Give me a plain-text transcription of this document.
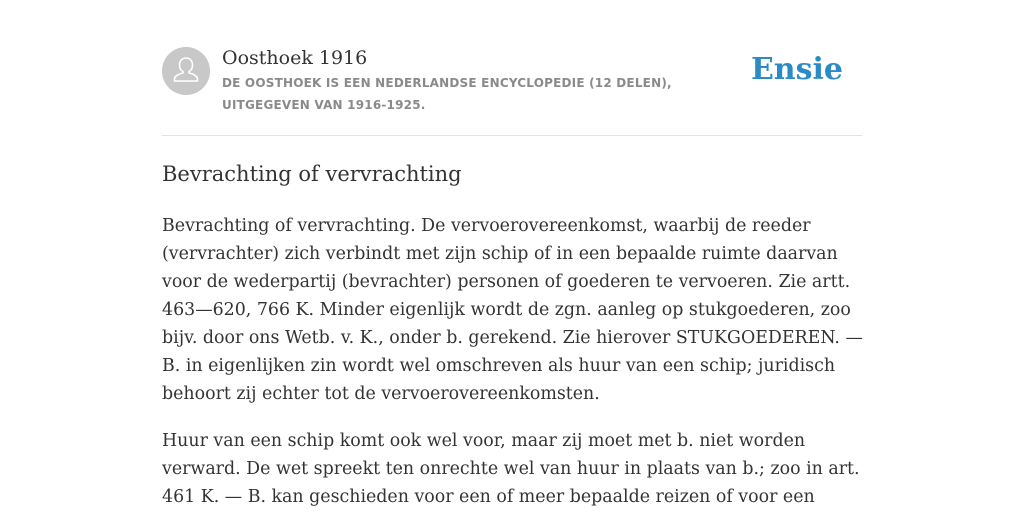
Oosthoek 1916
DE OOSTHOEK IS EEN NEDERLANDSE ENCYCLOPEDIE (12 DELEN), UITGEGEVEN VAN 1916-1925.
Ensie
Bevrachting of vervrachting

Bevrachting of vervrachting. De vervoerovereenkomst, waarbij de reeder (vervrachter) zich verbindt met zijn schip of in een bepaalde ruimte daarvan voor de wederpartij (bevrachter) personen of goederen te vervoeren. Zie artt. 463—620, 766 K. Minder eigenlijk wordt de zgn. aanleg op stukgoederen, zoo bijv. door ons Wetb. v. K., onder b. gerekend. Zie hierover STUKGOEDEREN. — B. in eigenlijken zin wordt wel omschreven als huur van een schip; juridisch behoort zij echter tot de vervoerovereenkomsten.

Huur van een schip komt ook wel voor, maar zij moet met b. niet worden verward. De wet spreekt ten onrechte wel van huur in plaats van b.; zoo in art. 461 K. — B. kan geschieden voor een of meer bepaalde reizen of voor een
